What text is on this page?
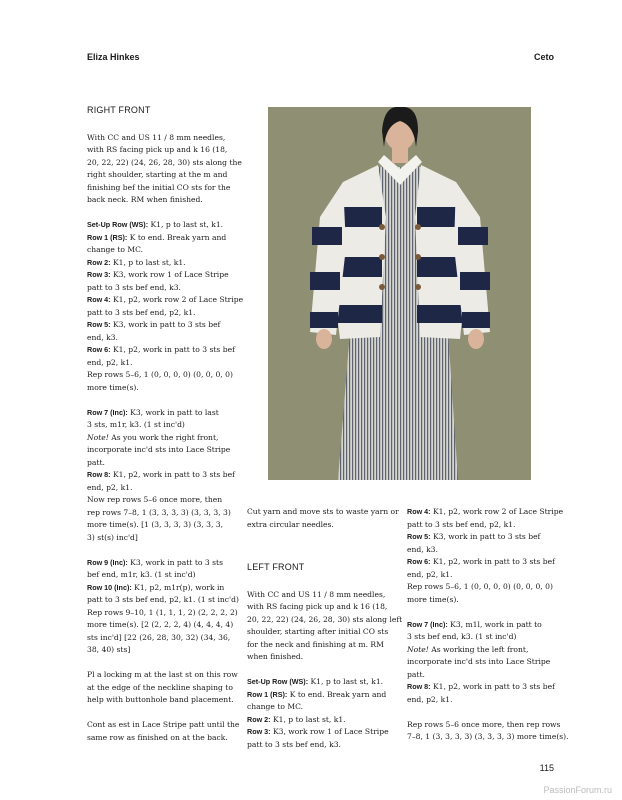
Eliza Hinkes	Ceto
RIGHT FRONT
With CC and US 11 / 8 mm needles,
with RS facing pick up and k 16 (18,
20, 22, 22) (24, 26, 28, 30) sts along the
right shoulder, starting at the m and
finishing bef the initial CO sts for the
back neck. RM when finished.
Set-Up Row (WS): K1, p to last st, k1.
Row 1 (RS): K to end. Break yarn and
change to MC.
Row 2: K1, p to last st, k1.
Row 3: K3, work row 1 of Lace Stripe
patt to 3 sts bef end, k3.
Row 4: K1, p2, work row 2 of Lace Stripe
patt to 3 sts bef end, p2, k1.
Row 5: K3, work in patt to 3 sts bef
end, k3.
Row 6: K1, p2, work in patt to 3 sts bef
end, p2, k1.
Rep rows 5–6, 1 (0, 0, 0, 0) (0, 0, 0, 0)
more time(s).
Row 7 (Inc): K3, work in patt to last
3 sts, m1r, k3. (1 st inc'd)
Note! As you work the right front,
incorporate inc'd sts into Lace Stripe
patt.
Row 8: K1, p2, work in patt to 3 sts bef
end, p2, k1.
Now rep rows 5–6 once more, then
rep rows 7–8, 1 (3, 3, 3, 3) (3, 3, 3, 3)
more time(s). [1 (3, 3, 3, 3) (3, 3, 3,
3) st(s) inc'd]
Row 9 (Inc): K3, work in patt to 3 sts
bef end, m1r, k3. (1 st inc'd)
Row 10 (Inc): K1, p2, m1r(p), work in
patt to 3 sts bef end, p2, k1. (1 st inc'd)
Rep rows 9–10, 1 (1, 1, 1, 2) (2, 2, 2, 2)
more time(s). [2 (2, 2, 2, 4) (4, 4, 4, 4)
sts inc'd] [22 (26, 28, 30, 32) (34, 36,
38, 40) sts]
Pl a locking m at the last st on this row
at the edge of the neckline shaping to
help with buttonhole band placement.
Cont as est in Lace Stripe patt until the
same row as finished on at the back.
Cut yarn and move sts to waste yarn or
extra circular needles.
LEFT FRONT
With CC and US 11 / 8 mm needles,
with RS facing pick up and k 16 (18,
20, 22, 22) (24, 26, 28, 30) sts along left
shoulder, starting after initial CO sts
for the neck and finishing at m. RM
when finished.
Set-Up Row (WS): K1, p to last st, k1.
Row 1 (RS): K to end. Break yarn and
change to MC.
Row 2: K1, p to last st, k1.
Row 3: K3, work row 1 of Lace Stripe
patt to 3 sts bef end, k3.
Row 4: K1, p2, work row 2 of Lace Stripe
patt to 3 sts bef end, p2, k1.
Row 5: K3, work in patt to 3 sts bef
end, k3.
Row 6: K1, p2, work in patt to 3 sts bef
end, p2, k1.
Rep rows 5–6, 1 (0, 0, 0, 0) (0, 0, 0, 0)
more time(s).
Row 7 (Inc): K3, m1l, work in patt to
3 sts bef end, k3. (1 st inc'd)
Note! As working the left front,
incorporate inc'd sts into Lace Stripe
patt.
Row 8: K1, p2, work in patt to 3 sts bef
end, p2, k1.
Rep rows 5–6 once more, then rep rows
7–8, 1 (3, 3, 3, 3) (3, 3, 3, 3) more time(s).
115
PassionForum.ru
